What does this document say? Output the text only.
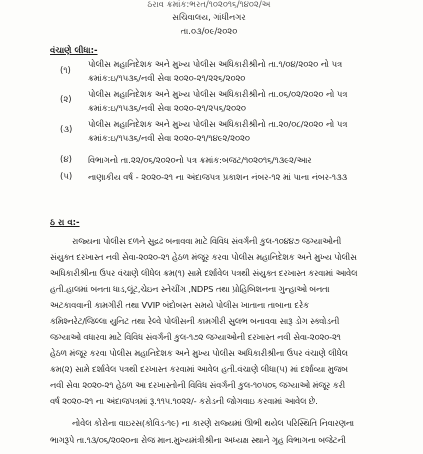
ઠરાવ ક્રમાંક:ભરત/૧૦૨૦૧૬/૧૪૦૨/અ
સચિવાલય, ગાંધીનગર
તા.૦૩/૦૯/૨૦૨૦
વંચાણે લીધા:-
(૧)
પોલીસ મહાનિદેશક અને મુખ્ય પોલીસ અધિકારીશ્રીનો તા.૧/૦૪/૨૦૨૦ નો પત્ર
ક્રમાંક:ઇ/૧૫૩૬/નવી સેવા ૨૦૨૦-૨૧/૨૨૬/૨૦૨૦
(૨)
પોલીસ મહાનિદેશક અને મુખ્ય પોલીસ અધિકારીશ્રીનો તા.૦૬/૦૨/૨૦૨૦ નો પત્ર
ક્રમાંક:ઇ/૧૫૩૬/નવી સેવા ૨૦૨૦-૨૧/૨૫૬/૨૦૨૦
(૩)
પોલીસ મહાનિદેશક અને મુખ્ય પોલીસ અધિકારીશ્રીનો તા.૨૦/૦૮/૨૦૨૦ નો પત્ર
ક્રમાંક:ઇ/૧૫૩૬/નવી સેવા ૨૦૨૦-૨૧/૧૪૯૨/૨૦૨૦
(૪) વિભાગનો તા.૨૨/૦૬/૨૦૨૦નો પત્ર ક્રમાંક:બજટ/૧૦૨૦૧૬/૧૩૯૨/આર
(૫) નાણાકીય વર્ષ - ૨૦૨૦-૨૧ ના અંદાજપત્ર પ્રકાશન નંબર-૧૨ માં પાના નંબર-૧૩૩
ઠ રા વ:-
રાજ્યના પોલીસ દળને સુદ્રઢ બનાવવા માટે વિવિધ સંવર્ગની કુલ-૧૦૪૪૭ જગ્યાઓની
સંયુક્ત દરખાસ્ત નવી સેવા-૨૦૨૦-૨૧ હેઠળ મંજૂર કરવા પોલીસ મહાનિદેશક અને મુખ્ય પોલીસ
અધિકારીશ્રીના ઉપર વંચાણે લીધેલ ક્રમ(૧) સામે દર્શાવેલ પત્રથી સંયુક્ત દરખાસ્ત કરવામાં આવેલ
હતી.હાલમાં બનતા ધાડ,લૂંટ,ચેઇન સ્નેચીંગ ,NDPS તથા પ્રોહિબિશનના ગુન્હાઓ બનતા
અટકાવવાની કામગીરી તથા VVIP બંદોબસ્ત સમયે પોલીસ ખાતાના તાબાના દરેક
કમિશ્નરેટ/જિલ્લા યુનિટ તથા રેલ્વે પોલીસની કામગીરી સુલભ બનાવવા સારૂ ડોગ સ્ક્વોડની
જગ્યાઓ વધારવા માટે વિવિધ સંવર્ગની કુલ-૧૭૨ જગ્યાઓની દરખાસ્ત નવી સેવા-૨૦૨૦-૨૧
હેઠળ મંજૂર કરવા પોલીસ મહાનિદેશક અને મુખ્ય પોલીસ અધિકારીશ્રીના ઉપર વંચાણે લીધેલ
ક્રમ(૨) સામે દર્શાવેલ પત્રથી દરખાસ્ત કરવામાં આવેલ હતી.વંચાણે લીધા(૫) માં દર્શાવ્યા મુજબ
નવી સેવા ૨૦૨૦-૨૧ હેઠળ આ દરખાસ્તોની વિવિધ સંવર્ગની કુલ-૧૦૫૦૬ જગ્યાઓ મંજૂર કરી
વર્ષ ૨૦૨૦-૨૧ ના અંદાજપત્રમાં રૂ.૧૧૫.૧૦૨૨/- કરોડની જોગવાઇ કરવામાં આવેલ છે.
નોવેલ કોરોના વાઇરસ(કોવિડ-૧૯) ના કારણે રાજ્યમાં ઊભી થયેલ પરિસ્થિતિ નિવારણના
ભાગરૂપે તા.૧૩/૦૬/૨૦૨૦ના રોજ માન.મુખ્યમંત્રીશ્રીના અધ્યક્ષ સ્થાને ગૃહ વિભાગના બજેટની
